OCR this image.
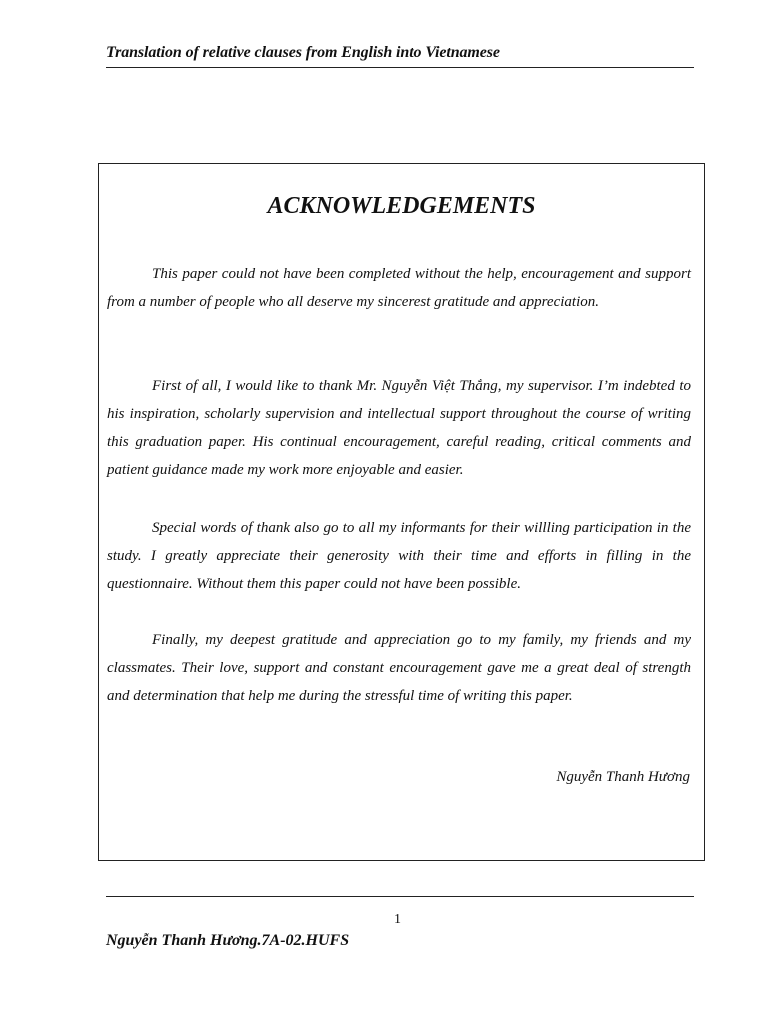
Translation of relative clauses from English into Vietnamese
ACKNOWLEDGEMENTS

This paper could not have been completed without the help, encouragement and support from a number of people who all deserve my sincerest gratitude and appreciation.

First of all, I would like to thank Mr. Nguyễn Việt Thắng, my supervisor. I’m indebted to his inspiration, scholarly supervision and intellectual support throughout the course of writing this graduation paper. His continual encouragement, careful reading, critical comments and patient guidance made my work more enjoyable and easier.

Special words of thank also go to all my informants for their willling participation in the study. I greatly appreciate their generosity with their time and efforts in filling in the questionnaire. Without them this paper could not have been possible.

Finally, my deepest gratitude and appreciation go to my family, my friends and my classmates. Their love, support and constant encouragement gave me a great deal of strength and determination that help me during the stressful time of writing this paper.

Nguyễn Thanh Hương
1
Nguyễn Thanh Hương.7A-02.HUFS
